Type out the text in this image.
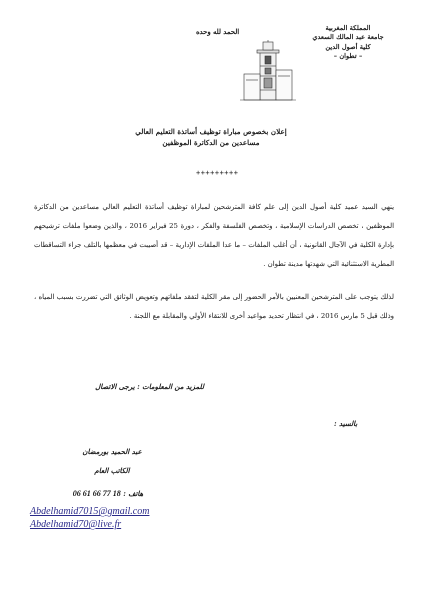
المملكة المغربية
جامعة عبد المالك السعدي
كلية أصول الدين
– تطوان –
الحمد لله وحده
إعلان بخصوص مباراة توظيف أساتذة التعليم العالي
مساعدين من الدكاترة الموظفين
+++++++++
ينهي السيد عميد كلية أصول الدين إلى علم كافة المترشحين لمباراة توظيف أساتذة التعليم العالي مساعدين من الدكاترة الموظفين ، تخصص الدراسات الإسلامية ، وتخصص الفلسفة والفكر ، دورة 25 فبراير 2016 ، والذين وضعوا ملفات ترشيحهم بإدارة الكلية في الآجال القانونية ، أن أغلب الملفات – ما عدا الملفات الإدارية – قد أصيبت في معظمها بالتلف جراء التساقطات المطرية الاستثنائية التي شهدتها مدينة تطوان .
لذلك يتوجب على المترشحين المعنيين بالأمر الحضور إلى مقر الكلية لتفقد ملفاتهم وتعويض الوثائق التي تضررت بسبب المياه ، وذلك قبل 5 مارس 2016 ، في انتظار تحديد مواعيد أخرى للانتقاء الأولي والمقابلة مع اللجنة .
للمزيد من المعلومات : يرجى الاتصال
بالسيد :
عبد الحميد بورمضان
الكاتب العام
هاتف : 06 61 66 77 18
Abdelhamid7015@gmail.com
Abdelhamid70@live.fr
